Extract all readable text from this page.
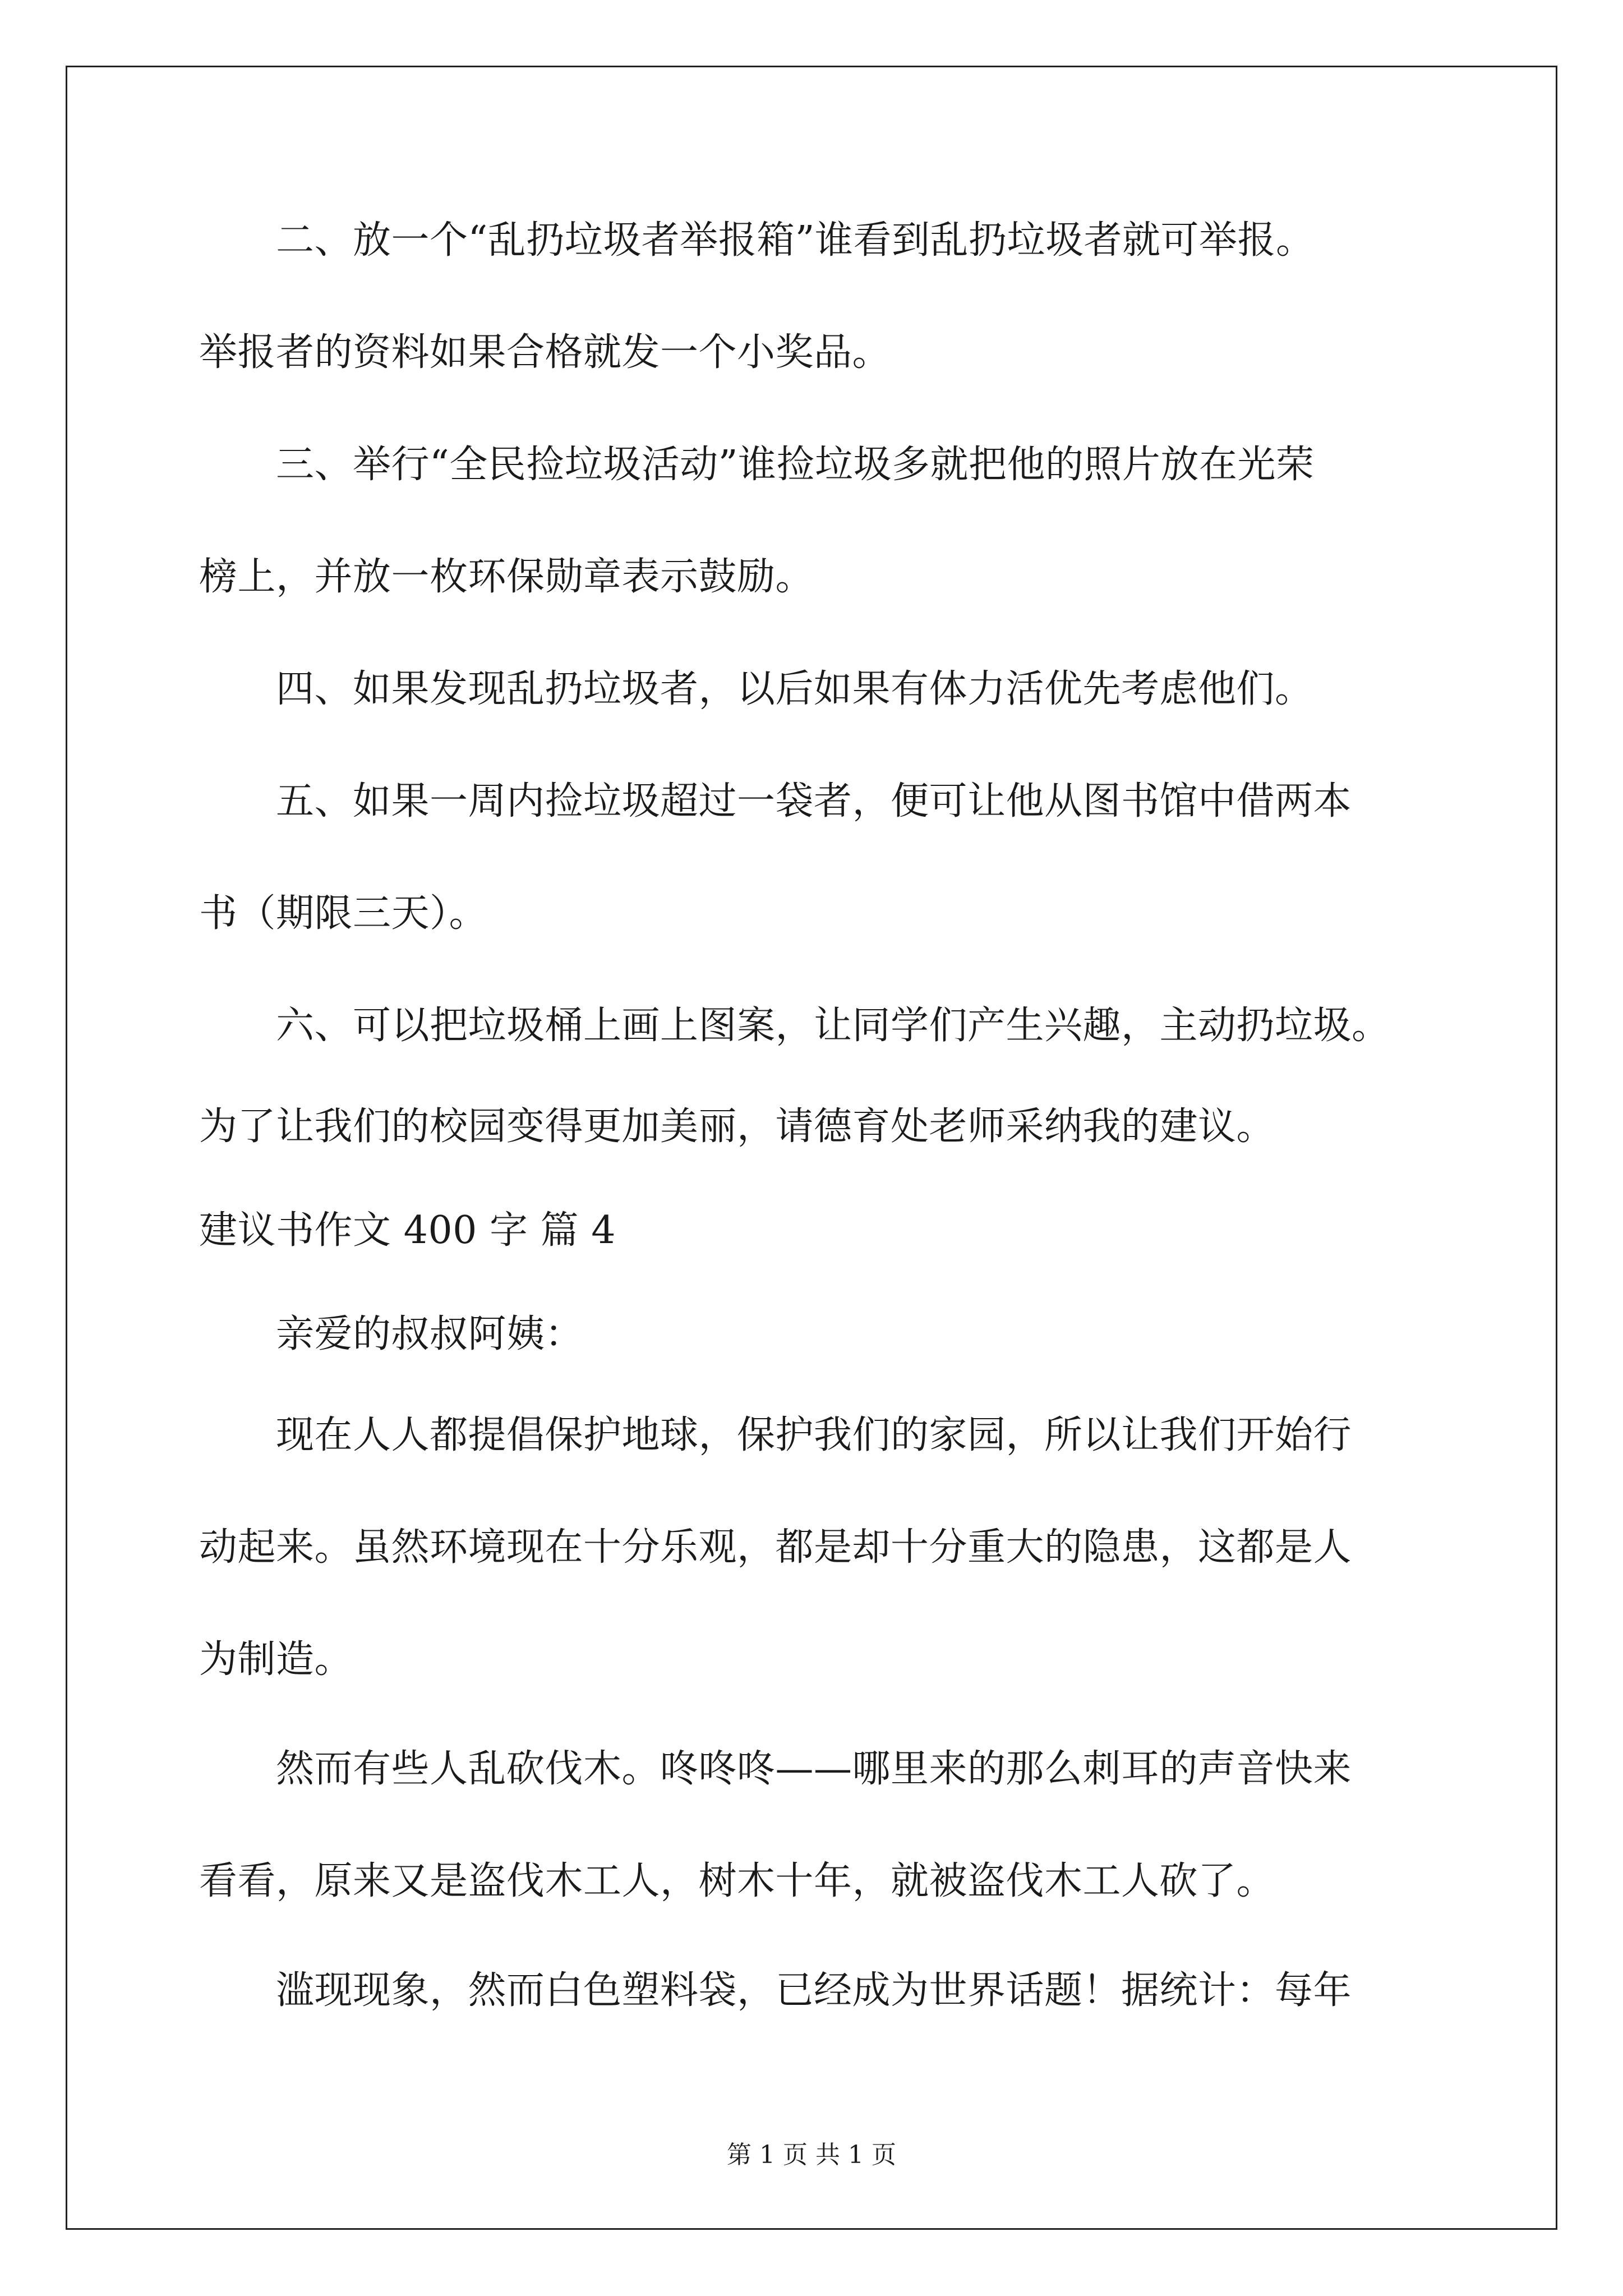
　　二、放一个“乱扔垃圾者举报箱”谁看到乱扔垃圾者就可举报。
举报者的资料如果合格就发一个小奖品。
　　三、举行“全民捡垃圾活动”谁捡垃圾多就把他的照片放在光荣
榜上，并放一枚环保勋章表示鼓励。
　　四、如果发现乱扔垃圾者，以后如果有体力活优先考虑他们。
　　五、如果一周内捡垃圾超过一袋者，便可让他从图书馆中借两本
书（期限三天）。
　　六、可以把垃圾桶上画上图案，让同学们产生兴趣，主动扔垃圾。
为了让我们的校园变得更加美丽，请德育处老师采纳我的建议。
建议书作文 400 字 篇 4
　　亲爱的叔叔阿姨：
　　现在人人都提倡保护地球，保护我们的家园，所以让我们开始行
动起来。虽然环境现在十分乐观，都是却十分重大的隐患，这都是人
为制造。
　　然而有些人乱砍伐木。咚咚咚——哪里来的那么刺耳的声音快来
看看，原来又是盗伐木工人，树木十年，就被盗伐木工人砍了。
　　滥现现象，然而白色塑料袋，已经成为世界话题！据统计：每年
第 1 页 共 1 页
